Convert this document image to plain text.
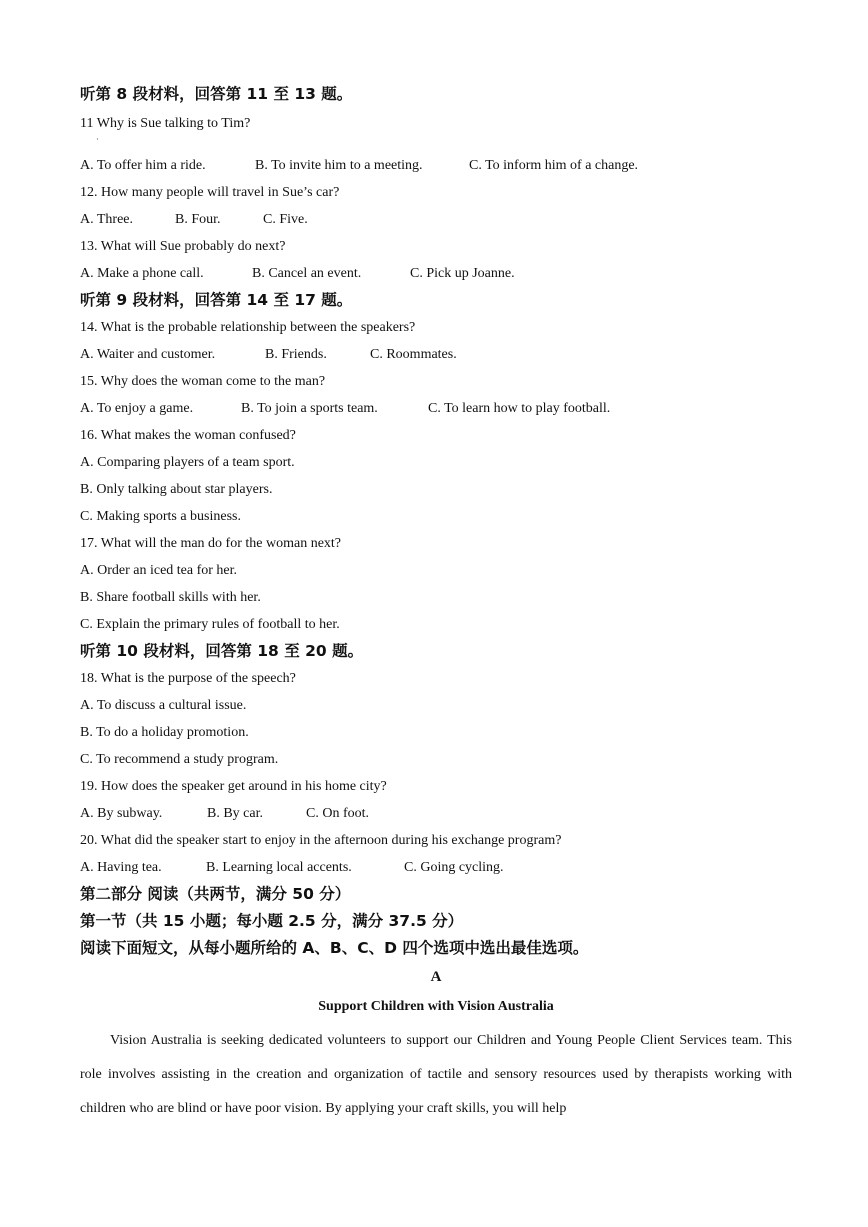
听第 8 段材料，回答第 11 至 13 题。
11 Why is Sue talking to Tim?
A. To offer him a ride.	B. To invite him to a meeting.	C. To inform him of a change.
12. How many people will travel in Sue’s car?
A. Three.	B. Four.	C. Five.
13. What will Sue probably do next?
A. Make a phone call.	B. Cancel an event.	C. Pick up Joanne.
听第 9 段材料，回答第 14 至 17 题。
14. What is the probable relationship between the speakers?
A. Waiter and customer.	B. Friends.	C. Roommates.
15. Why does the woman come to the man?
A. To enjoy a game.	B. To join a sports team.	C. To learn how to play football.
16. What makes the woman confused?
A. Comparing players of a team sport.
B. Only talking about star players.
C. Making sports a business.
17. What will the man do for the woman next?
A. Order an iced tea for her.
B. Share football skills with her.
C. Explain the primary rules of football to her.
听第 10 段材料，回答第 18 至 20 题。
18. What is the purpose of the speech?
A. To discuss a cultural issue.
B. To do a holiday promotion.
C. To recommend a study program.
19. How does the speaker get around in his home city?
A. By subway.	B. By car.	C. On foot.
20. What did the speaker start to enjoy in the afternoon during his exchange program?
A. Having tea.	B. Learning local accents.	C. Going cycling.
第二部分 阅读（共两节，满分 50 分）
第一节（共 15 小题；每小题 2.5 分，满分 37.5 分）
阅读下面短文，从每小题所给的 A、B、C、D 四个选项中选出最佳选项。
A
Support Children with Vision Australia
Vision Australia is seeking dedicated volunteers to support our Children and Young People Client Services team. This role involves assisting in the creation and organization of tactile and sensory resources used by therapists working with children who are blind or have poor vision. By applying your craft skills, you will help
·
